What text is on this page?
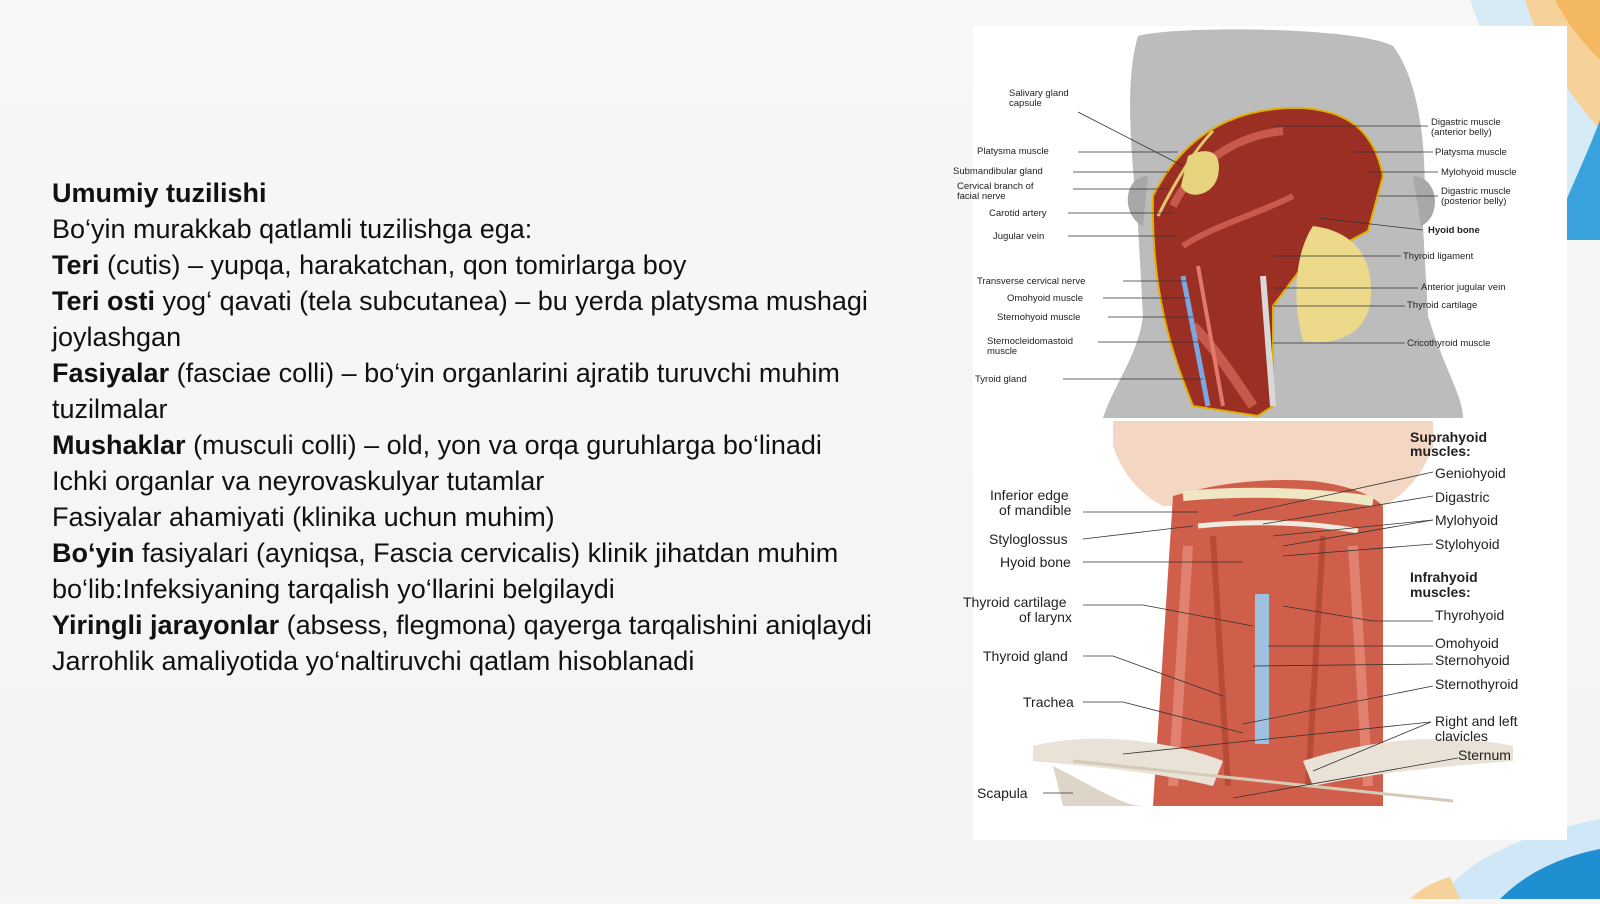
Umumiy tuzilishi

Bo‘yin murakkab qatlamli tuzilishga ega:

Teri (cutis) – yupqa, harakatchan, qon tomirlarga boy

Teri osti yog‘ qavati (tela subcutanea) – bu yerda platysma mushagi joylashgan

Fasiyalar (fasciae colli) – bo‘yin organlarini ajratib turuvchi muhim tuzilmalar

Mushaklar (musculi colli) – old, yon va orqa guruhlarga bo‘linadi

Ichki organlar va neyrovaskulyar tutamlar

Fasiyalar ahamiyati (klinika uchun muhim)

Bo‘yin fasiyalari (ayniqsa, Fascia cervicalis) klinik jihatdan muhim bo‘lib:Infeksiyaning tarqalish yo‘llarini belgilaydi

Yiringli jarayonlar (absess, flegmona) qayerga tarqalishini aniqlaydi

Jarrohlik amaliyotida yo‘naltiruvchi qatlam hisoblanadi

Salivary gland
capsule
Platysma muscle
Submandibular gland
Cervical branch of
facial nerve
Carotid artery
Jugular vein
Transverse cervical nerve
Omohyoid muscle
Sternohyoid muscle
Sternocleidomastoid
muscle
Tyroid gland
Digastric muscle
(anterior belly)
Platysma muscle
Mylohyoid muscle
Digastric muscle
(posterior belly)
Hyoid bone
Thyroid ligament
Anterior jugular vein
Thyroid cartilage
Cricothyroid muscle
Inferior edge
of mandible
Styloglossus
Hyoid bone
Thyroid cartilage
of larynx
Thyroid gland
Trachea
Scapula
Suprahyoid
muscles:
Geniohyoid
Digastric
Mylohyoid
Stylohyoid
Infrahyoid
muscles:
Thyrohyoid
Omohyoid
Sternohyoid
Sternothyroid
Right and left
clavicles
Sternum
